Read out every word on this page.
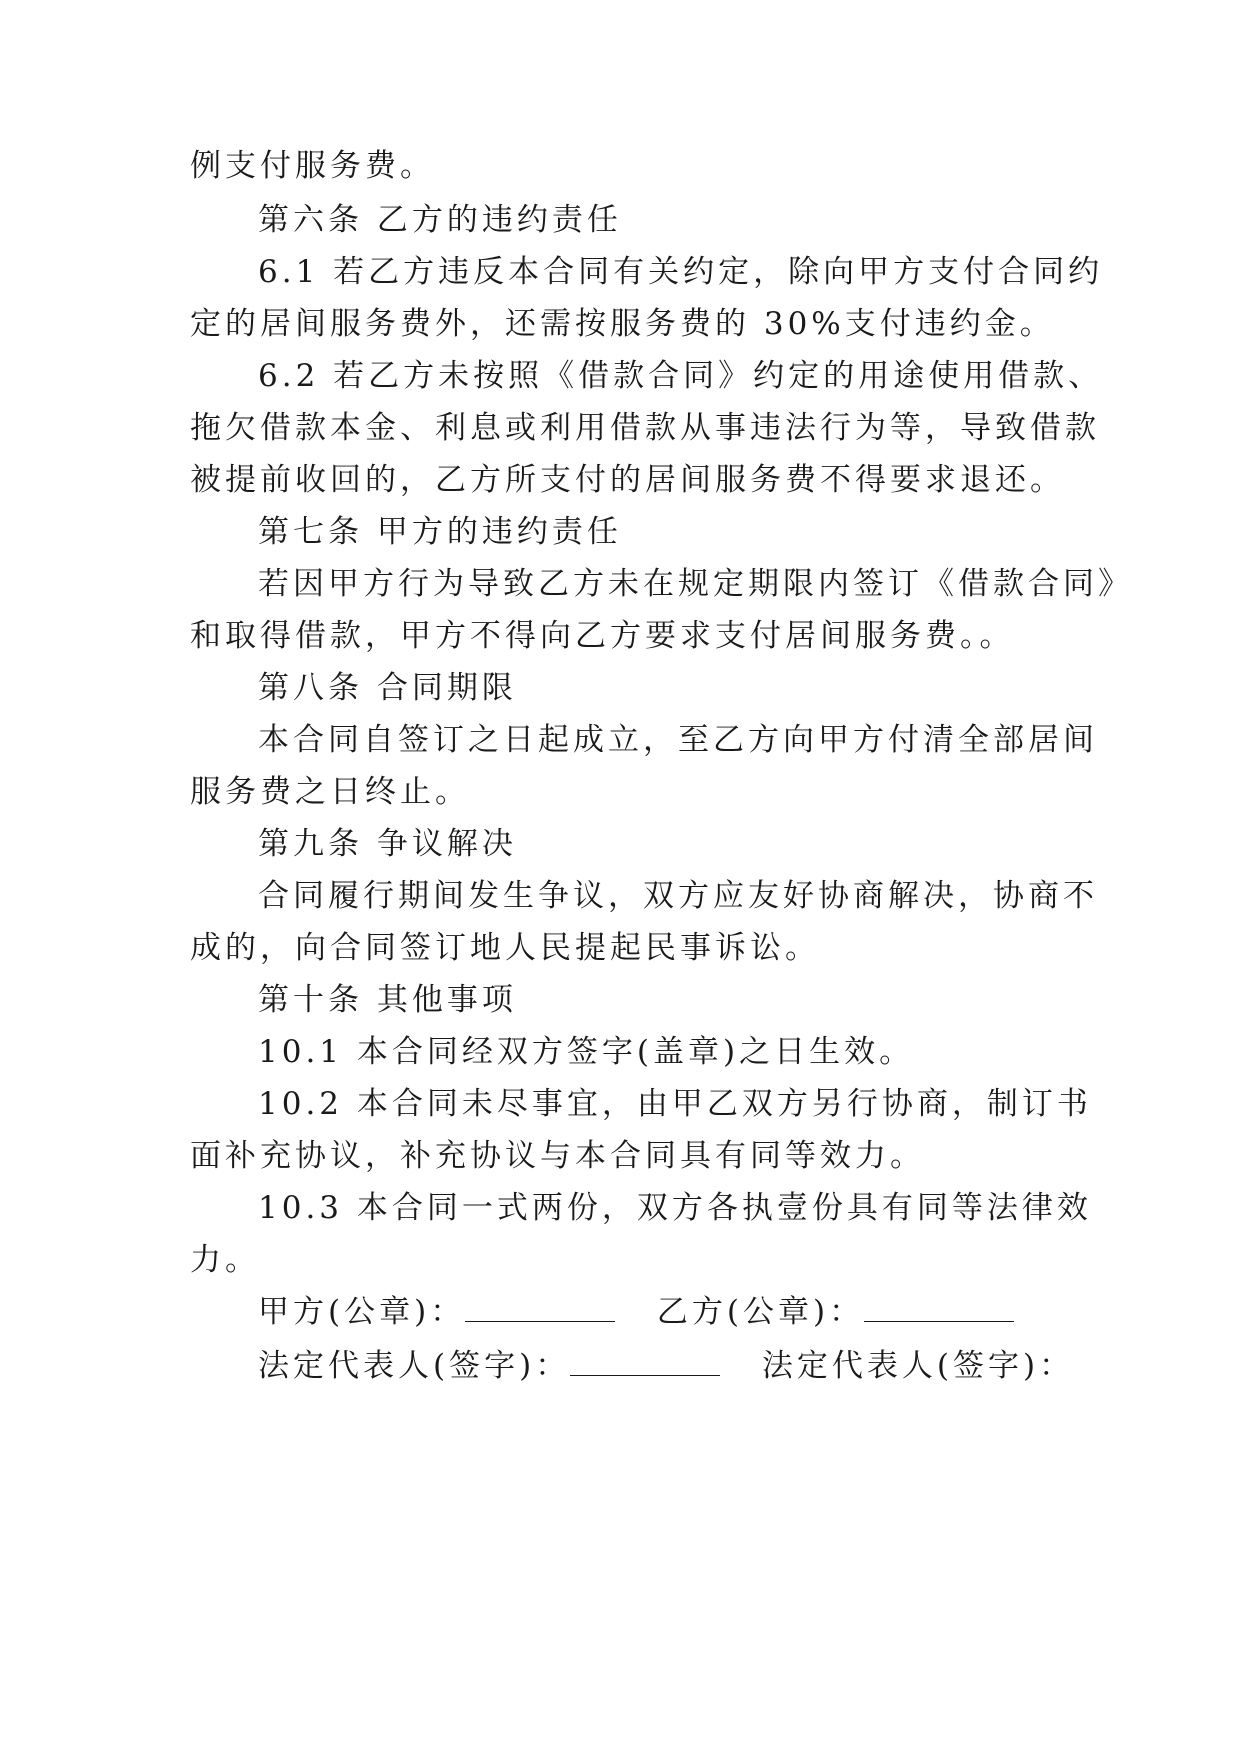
例支付服务费。
第六条 乙方的违约责任
6.1 若乙方违反本合同有关约定，除向甲方支付合同约
定的居间服务费外，还需按服务费的 30%支付违约金。
6.2 若乙方未按照《借款合同》约定的用途使用借款、
拖欠借款本金、利息或利用借款从事违法行为等，导致借款
被提前收回的，乙方所支付的居间服务费不得要求退还。
第七条 甲方的违约责任
若因甲方行为导致乙方未在规定期限内签订《借款合同》
和取得借款，甲方不得向乙方要求支付居间服务费。。
第八条 合同期限
本合同自签订之日起成立，至乙方向甲方付清全部居间
服务费之日终止。
第九条 争议解决
合同履行期间发生争议，双方应友好协商解决，协商不
成的，向合同签订地人民提起民事诉讼。
第十条 其他事项
10.1 本合同经双方签字(盖章)之日生效。
10.2 本合同未尽事宜，由甲乙双方另行协商，制订书
面补充协议，补充协议与本合同具有同等效力。
10.3 本合同一式两份，双方各执壹份具有同等法律效
力。
甲方(公章)：	乙方(公章)：
法定代表人(签字)：	法定代表人(签字)：
